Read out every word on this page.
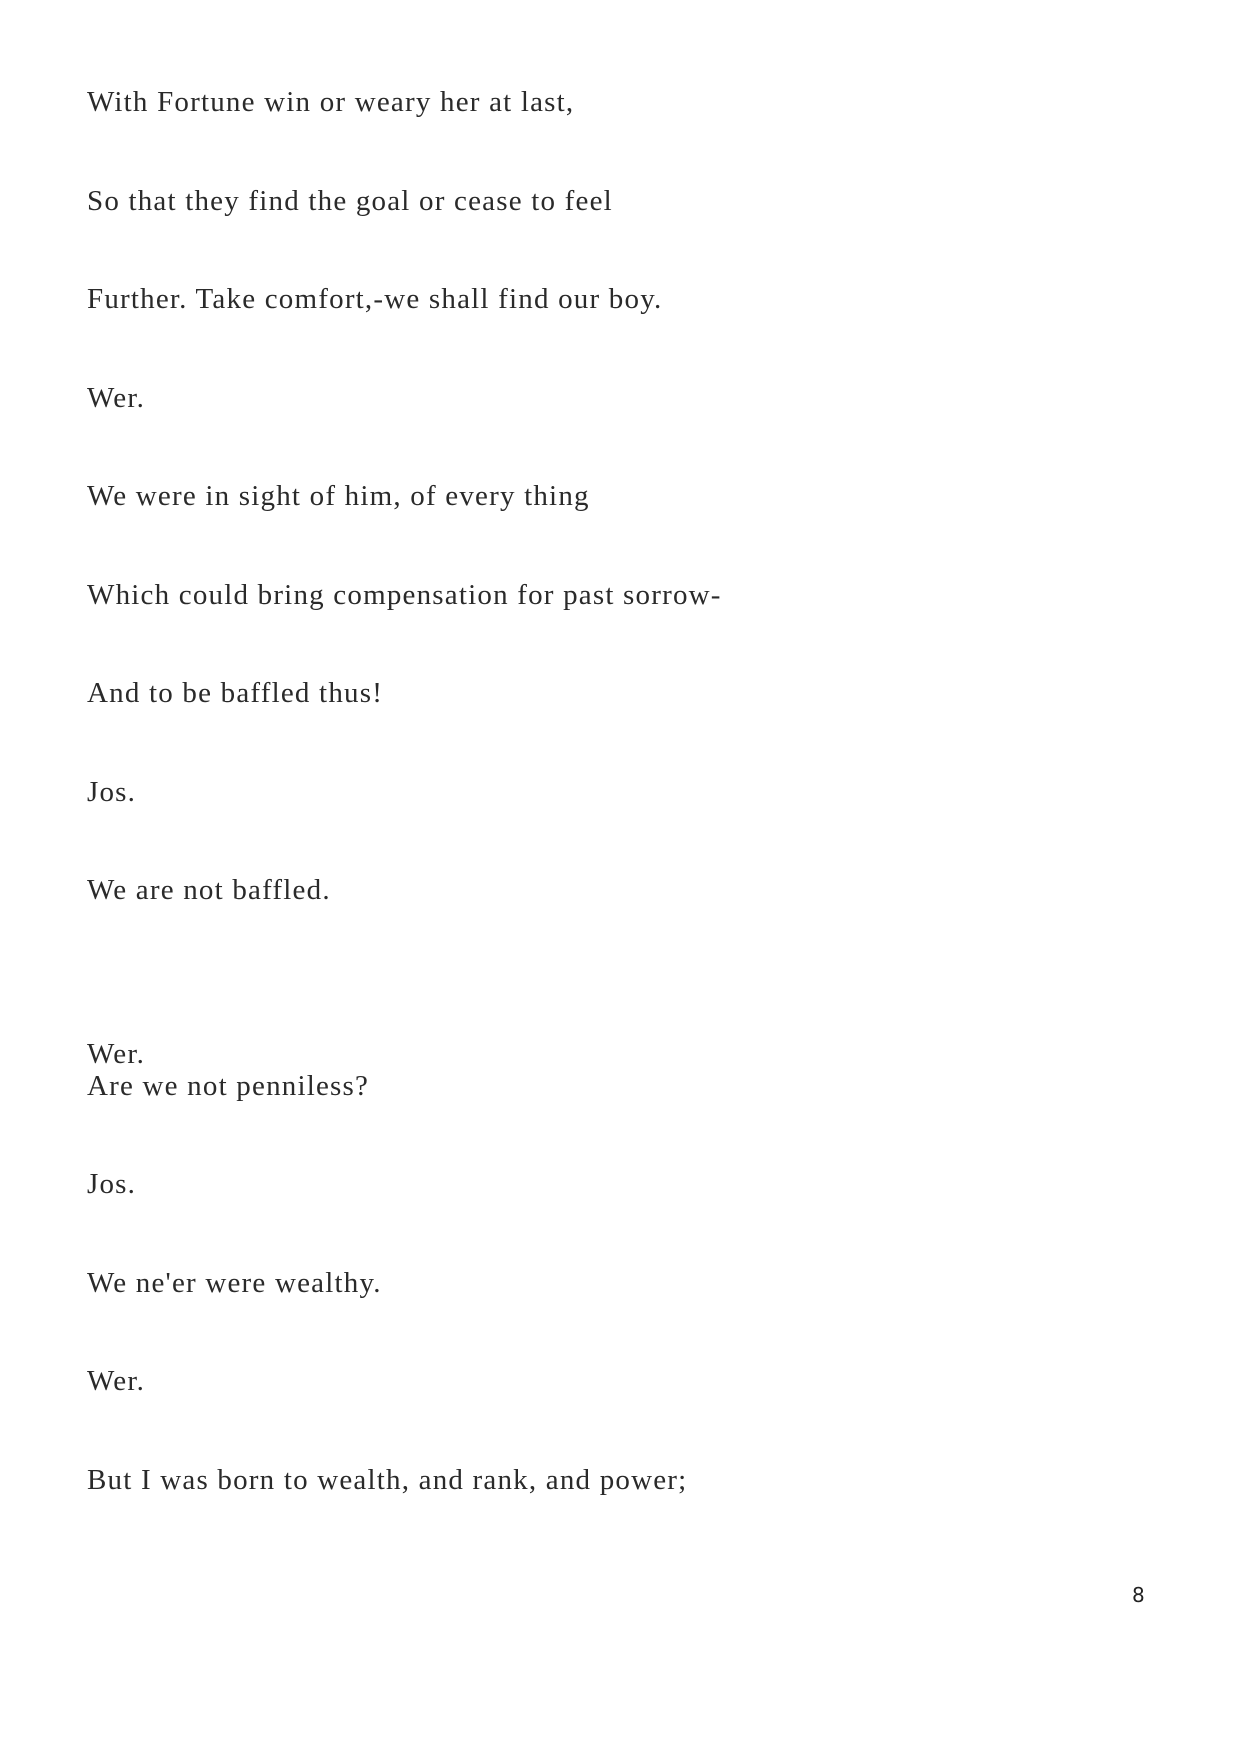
With Fortune win or weary her at last,

So that they find the goal or cease to feel

Further. Take comfort,-we shall find our boy.

Wer.

We were in sight of him, of every thing

Which could bring compensation for past sorrow-

And to be baffled thus!

Jos.

We are not baffled.

Wer.

Are we not penniless?

Jos.

We ne'er were wealthy.

Wer.

But I was born to wealth, and rank, and power;

8
